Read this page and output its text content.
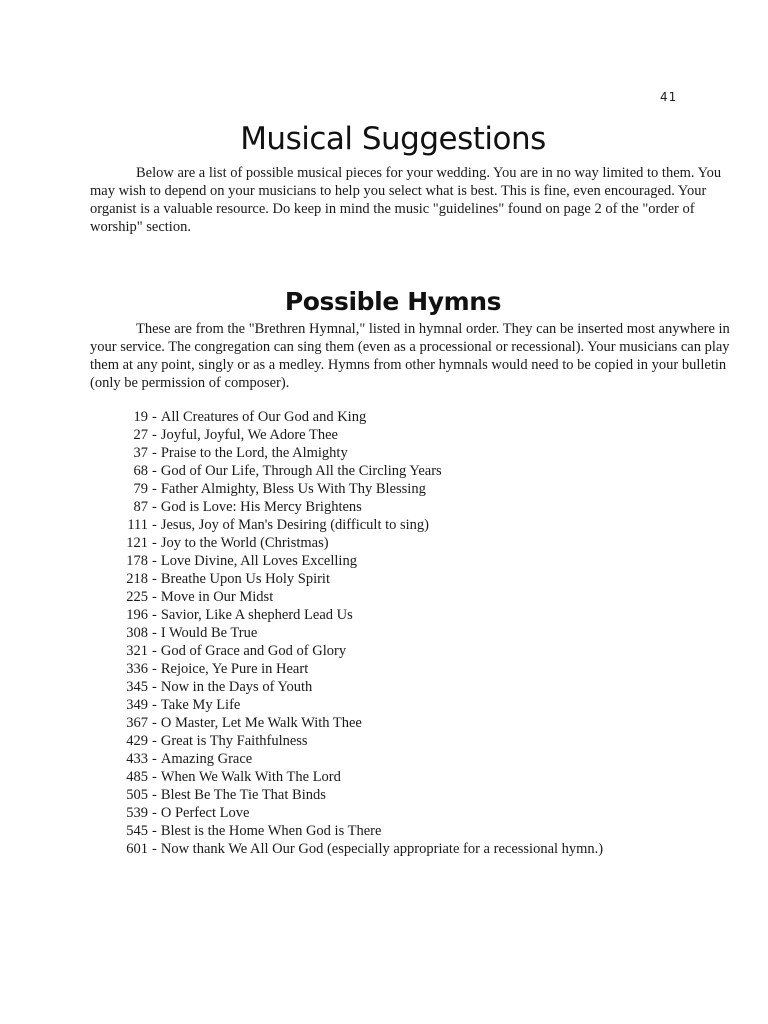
41
Musical Suggestions

Below are a list of possible musical pieces for your wedding. You are in no way limited to them. You may wish to depend on your musicians to help you select what is best. This is fine, even encouraged. Your organist is a valuable resource. Do keep in mind the music "guidelines" found on page 2 of the "order of worship" section.

Possible Hymns

These are from the "Brethren Hymnal," listed in hymnal order. They can be inserted most anywhere in your service. The congregation can sing them (even as a processional or recessional). Your musicians can play them at any point, singly or as a medley. Hymns from other hymnals would need to be copied in your bulletin (only be permission of composer).

19 - All Creatures of Our God and King
27 - Joyful, Joyful, We Adore Thee
37 - Praise to the Lord, the Almighty
68 - God of Our Life, Through All the Circling Years
79 - Father Almighty, Bless Us With Thy Blessing
87 - God is Love: His Mercy Brightens
111 - Jesus, Joy of Man's Desiring (difficult to sing)
121 - Joy to the World (Christmas)
178 - Love Divine, All Loves Excelling
218 - Breathe Upon Us Holy Spirit
225 - Move in Our Midst
196 - Savior, Like A shepherd Lead Us
308 - I Would Be True
321 - God of Grace and God of Glory
336 - Rejoice, Ye Pure in Heart
345 - Now in the Days of Youth
349 - Take My Life
367 - O Master, Let Me Walk With Thee
429 - Great is Thy Faithfulness
433 - Amazing Grace
485 - When We Walk With The Lord
505 - Blest Be The Tie That Binds
539 - O Perfect Love
545 - Blest is the Home When God is There
601 - Now thank We All Our God (especially appropriate for a recessional hymn.)
